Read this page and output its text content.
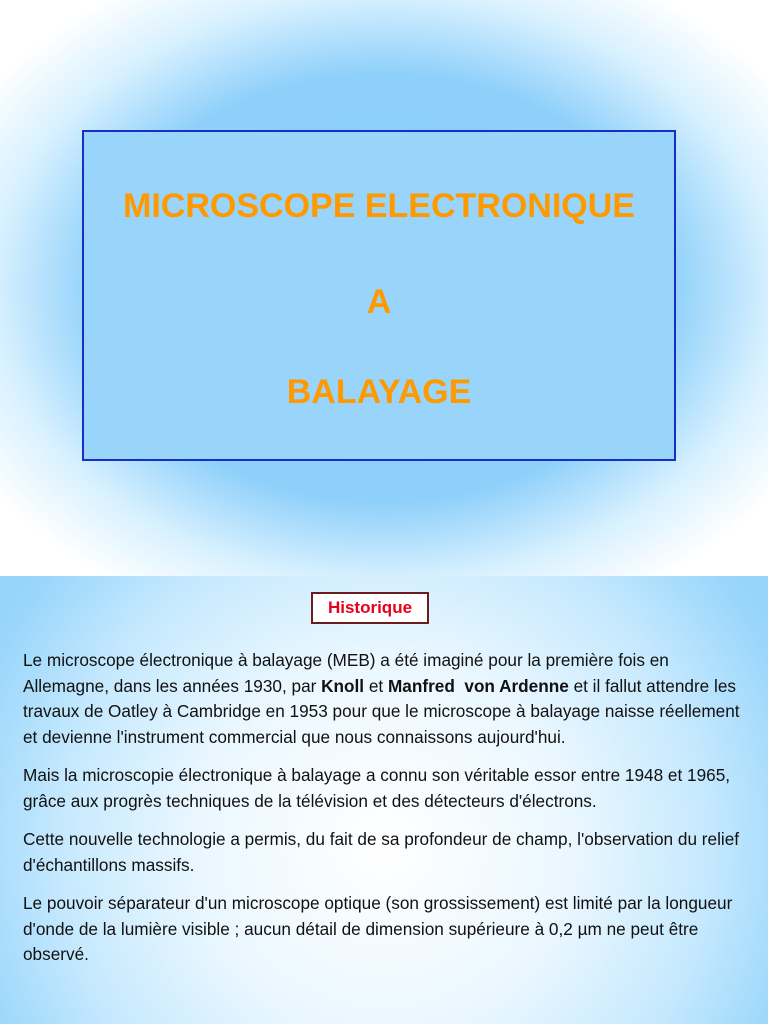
MICROSCOPE ELECTRONIQUE
A
BALAYAGE
Historique

Le microscope électronique à balayage (MEB) a été imaginé pour la première fois en Allemagne, dans les années 1930, par Knoll et Manfred  von Ardenne et il fallut attendre les travaux de Oatley à Cambridge en 1953 pour que le microscope à balayage naisse réellement et devienne l'instrument commercial que nous connaissons aujourd'hui.

Mais la microscopie électronique à balayage a connu son véritable essor entre 1948 et 1965, grâce aux progrès techniques de la télévision et des détecteurs d'électrons.

Cette nouvelle technologie a permis, du fait de sa profondeur de champ, l'observation du relief d'échantillons massifs.

Le pouvoir séparateur d'un microscope optique (son grossissement) est limité par la longueur d'onde de la lumière visible ; aucun détail de dimension supérieure à 0,2 µm ne peut être observé.
